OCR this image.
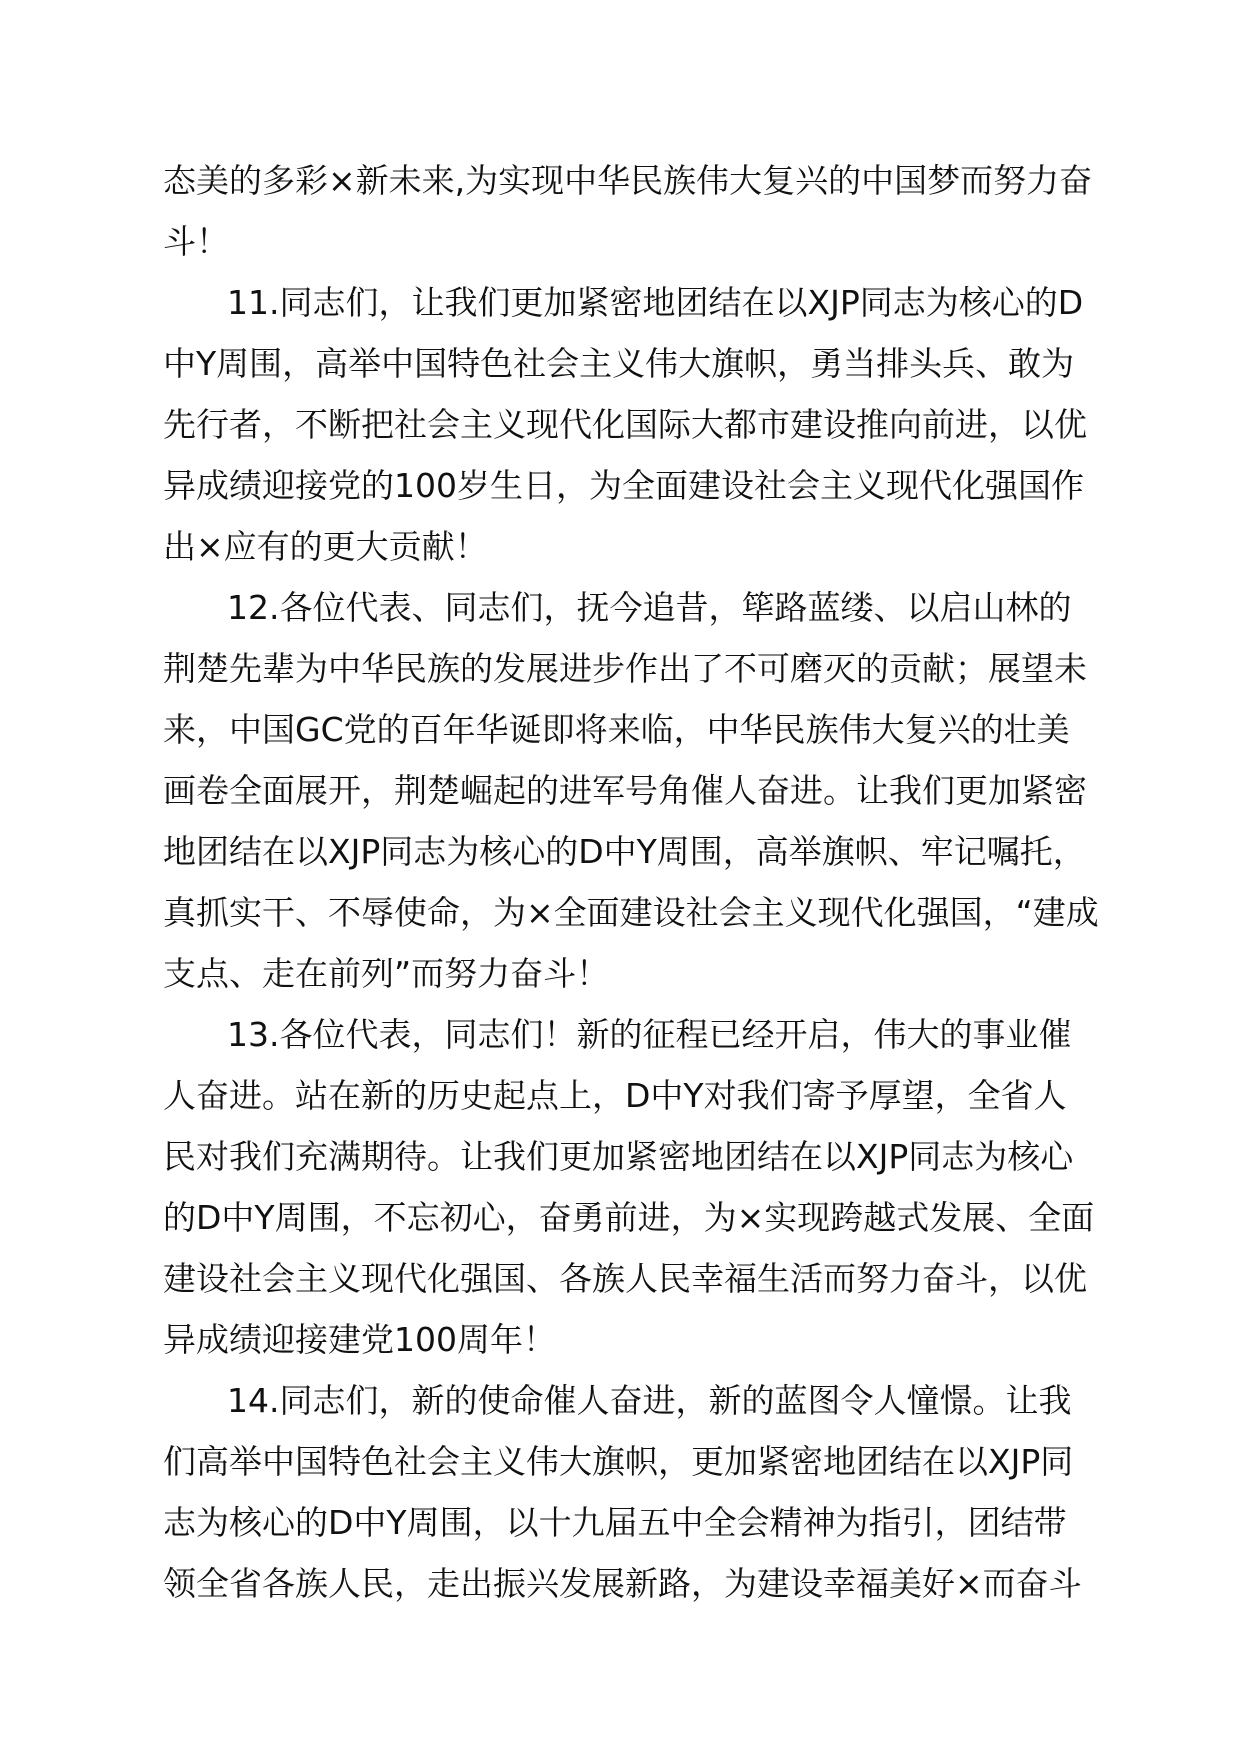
态美的多彩×新未来,为实现中华民族伟大复兴的中国梦而努力奋
斗！
11.同志们，让我们更加紧密地团结在以XJP同志为核心的D
中Y周围，高举中国特色社会主义伟大旗帜，勇当排头兵、敢为
先行者，不断把社会主义现代化国际大都市建设推向前进，以优
异成绩迎接党的100岁生日，为全面建设社会主义现代化强国作
出×应有的更大贡献！
12.各位代表、同志们，抚今追昔，筚路蓝缕、以启山林的
荆楚先辈为中华民族的发展进步作出了不可磨灭的贡献；展望未
来，中国GC党的百年华诞即将来临，中华民族伟大复兴的壮美
画卷全面展开，荆楚崛起的进军号角催人奋进。让我们更加紧密
地团结在以XJP同志为核心的D中Y周围，高举旗帜、牢记嘱托，
真抓实干、不辱使命，为×全面建设社会主义现代化强国，“建成
支点、走在前列”而努力奋斗！
13.各位代表，同志们！新的征程已经开启，伟大的事业催
人奋进。站在新的历史起点上，D中Y对我们寄予厚望，全省人
民对我们充满期待。让我们更加紧密地团结在以XJP同志为核心
的D中Y周围，不忘初心，奋勇前进，为×实现跨越式发展、全面
建设社会主义现代化强国、各族人民幸福生活而努力奋斗，以优
异成绩迎接建党100周年！
14.同志们，新的使命催人奋进，新的蓝图令人憧憬。让我
们高举中国特色社会主义伟大旗帜，更加紧密地团结在以XJP同
志为核心的D中Y周围，以十九届五中全会精神为指引，团结带
领全省各族人民，走出振兴发展新路，为建设幸福美好×而奋斗
